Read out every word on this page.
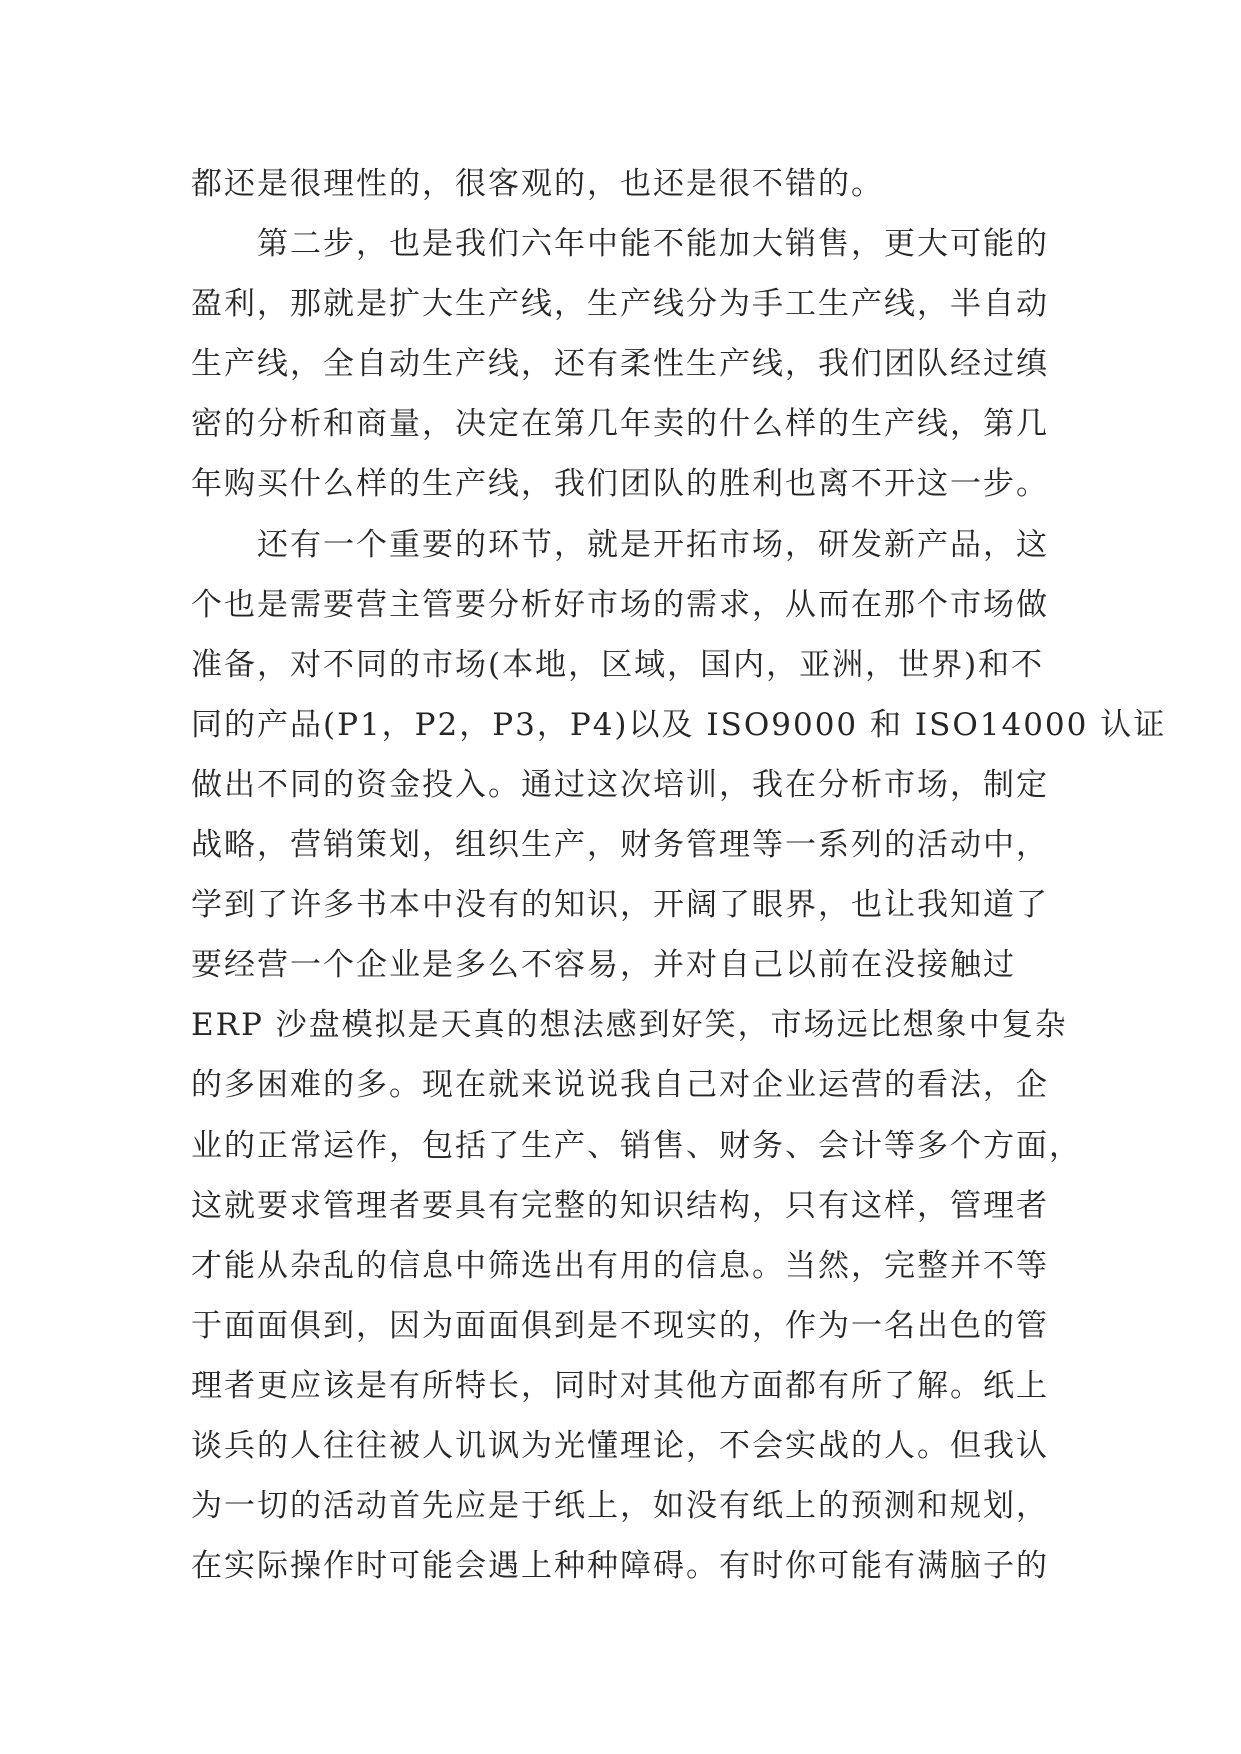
都还是很理性的，很客观的，也还是很不错的。
第二步，也是我们六年中能不能加大销售，更大可能的
盈利，那就是扩大生产线，生产线分为手工生产线，半自动
生产线，全自动生产线，还有柔性生产线，我们团队经过缜
密的分析和商量，决定在第几年卖的什么样的生产线，第几
年购买什么样的生产线，我们团队的胜利也离不开这一步。
还有一个重要的环节，就是开拓市场，研发新产品，这
个也是需要营主管要分析好市场的需求，从而在那个市场做
准备，对不同的市场(本地，区域，国内，亚洲，世界)和不
同的产品(P1，P2，P3，P4)以及 ISO9000 和 ISO14000 认证
做出不同的资金投入。通过这次培训，我在分析市场，制定
战略，营销策划，组织生产，财务管理等一系列的活动中，
学到了许多书本中没有的知识，开阔了眼界，也让我知道了
要经营一个企业是多么不容易，并对自己以前在没接触过
ERP 沙盘模拟是天真的想法感到好笑，市场远比想象中复杂
的多困难的多。现在就来说说我自己对企业运营的看法，企
业的正常运作，包括了生产、销售、财务、会计等多个方面，
这就要求管理者要具有完整的知识结构，只有这样，管理者
才能从杂乱的信息中筛选出有用的信息。当然，完整并不等
于面面俱到，因为面面俱到是不现实的，作为一名出色的管
理者更应该是有所特长，同时对其他方面都有所了解。纸上
谈兵的人往往被人讥讽为光懂理论，不会实战的人。但我认
为一切的活动首先应是于纸上，如没有纸上的预测和规划，
在实际操作时可能会遇上种种障碍。有时你可能有满脑子的
